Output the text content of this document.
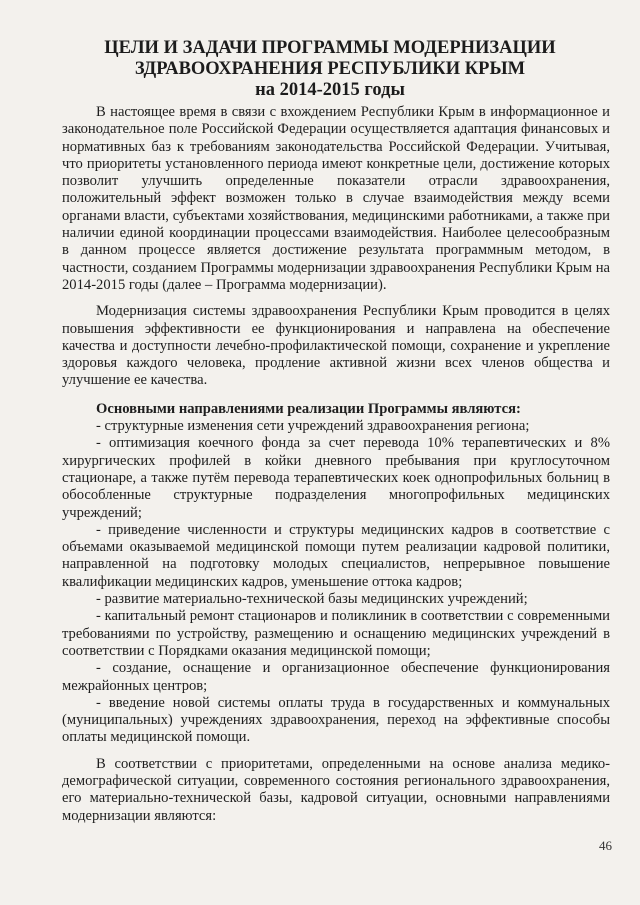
ЦЕЛИ И ЗАДАЧИ ПРОГРАММЫ МОДЕРНИЗАЦИИ
ЗДРАВООХРАНЕНИЯ РЕСПУБЛИКИ КРЫМ
на 2014-2015 годы

В настоящее время в связи с вхождением Республики Крым в информационное и законодательное поле Российской Федерации осуществляется адаптация финансовых и нормативных баз к требованиям законодательства Российской Федерации. Учитывая, что приоритеты установленного периода имеют конкретные цели, достижение которых позволит улучшить определенные показатели отрасли здравоохранения, положительный эффект возможен только в случае взаимодействия между всеми органами власти, субъектами хозяйствования, медицинскими работниками, а также при наличии единой координации процессами взаимодействия. Наиболее целесообразным в данном процессе является достижение результата программным методом, в частности, созданием Программы модернизации здравоохранения Республики Крым на 2014-2015 годы (далее – Программа модернизации).

Модернизация системы здравоохранения Республики Крым проводится в целях повышения эффективности ее функционирования и направлена на обеспечение качества и доступности лечебно-профилактической помощи, сохранение и укрепление здоровья каждого человека, продление активной жизни всех членов общества и улучшение ее качества.

Основными направлениями реализации Программы являются:

- структурные изменения сети учреждений здравоохранения региона;

- оптимизация коечного фонда за счет перевода 10% терапевтических и 8% хирургических профилей в койки дневного пребывания при круглосуточном стационаре, а также путём перевода терапевтических коек однопрофильных больниц в обособленные структурные подразделения многопрофильных медицинских учреждений;

- приведение численности и структуры медицинских кадров в соответствие с объемами оказываемой медицинской помощи путем реализации кадровой политики, направленной на подготовку молодых специалистов, непрерывное повышение квалификации медицинских кадров, уменьшение оттока кадров;

- развитие материально-технической базы медицинских учреждений;

- капитальный ремонт стационаров и поликлиник в соответствии с современными требованиями по устройству, размещению и оснащению медицинских учреждений в соответствии с Порядками оказания медицинской помощи;

- создание, оснащение и организационное обеспечение функционирования межрайонных центров;

- введение новой системы оплаты труда в государственных и коммунальных (муниципальных) учреждениях здравоохранения, переход на эффективные способы оплаты медицинской помощи.

В соответствии с приоритетами, определенными на основе анализа медико-демографической ситуации, современного состояния регионального здравоохранения, его материально-технической базы, кадровой ситуации, основными направлениями модернизации являются:

46
